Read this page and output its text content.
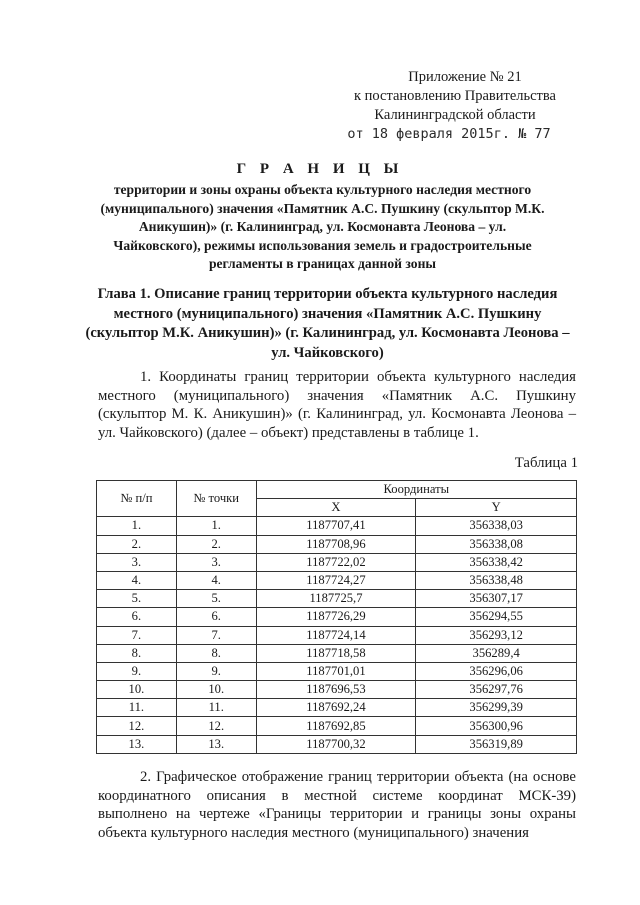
Приложение № 21
к постановлению Правительства
Калининградской области
от 18 февраля 2015г. № 77
Г Р А Н И Ц Ы
территории и зоны охраны объекта культурного наследия местного (муниципального) значения «Памятник А.С. Пушкину (скульптор М.К. Аникушин)» (г. Калининград, ул. Космонавта Леонова – ул. Чайковского), режимы использования земель и градостроительные регламенты в границах данной зоны
Глава 1. Описание границ территории объекта культурного наследия местного (муниципального) значения «Памятник А.С. Пушкину (скульптор М.К. Аникушин)» (г. Калининград, ул. Космонавта Леонова – ул. Чайковского)
1. Координаты границ территории объекта культурного наследия местного (муниципального) значения «Памятник А.С. Пушкину (скульптор М. К. Аникушин)» (г. Калининград, ул. Космонавта Леонова – ул. Чайковского) (далее – объект) представлены в таблице 1.
Таблица 1
№ п/п	№ точки	Координаты	
		X	Y
1.	1.	1187707,41	356338,03
2.	2.	1187708,96	356338,08
3.	3.	1187722,02	356338,42
4.	4.	1187724,27	356338,48
5.	5.	1187725,7	356307,17
6.	6.	1187726,29	356294,55
7.	7.	1187724,14	356293,12
8.	8.	1187718,58	356289,4
9.	9.	1187701,01	356296,06
10.	10.	1187696,53	356297,76
11.	11.	1187692,24	356299,39
12.	12.	1187692,85	356300,96
13.	13.	1187700,32	356319,89
2. Графическое отображение границ территории объекта (на основе координатного описания в местной системе координат МСК-39) выполнено на чертеже «Границы территории и границы зоны охраны объекта культурного наследия местного (муниципального) значения
